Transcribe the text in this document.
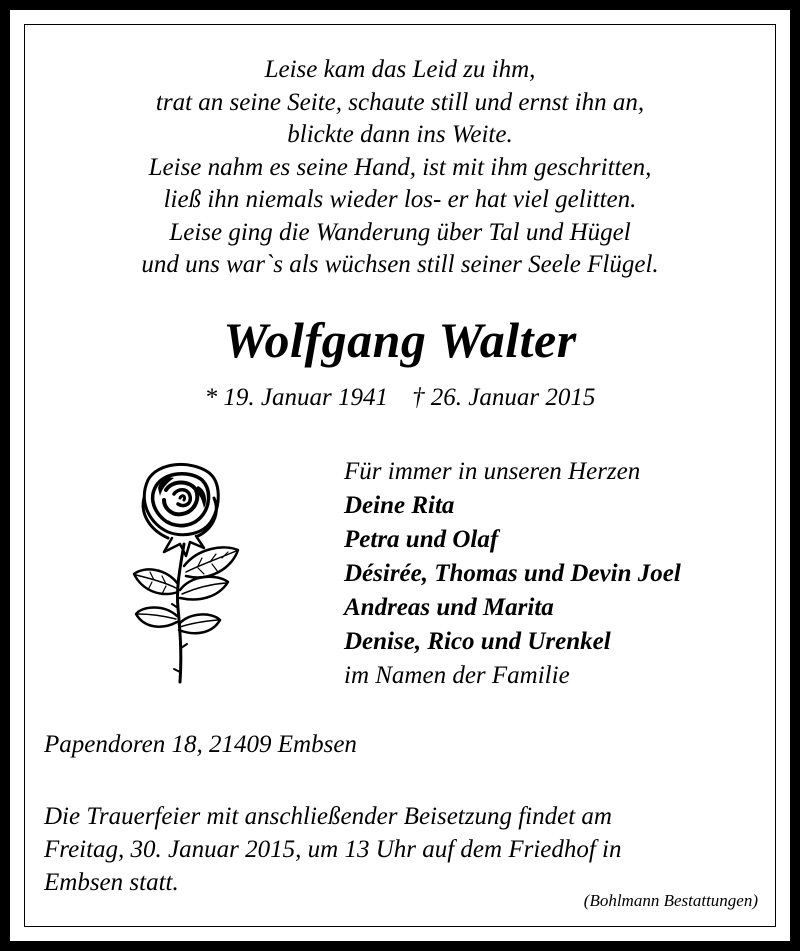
Leise kam das Leid zu ihm,
trat an seine Seite, schaute still und ernst ihn an,
blickte dann ins Weite.
Leise nahm es seine Hand, ist mit ihm geschritten,
ließ ihn niemals wieder los- er hat viel gelitten.
Leise ging die Wanderung über Tal und Hügel
und uns war`s als wüchsen still seiner Seele Flügel.
Wolfgang Walter
* 19. Januar 1941 † 26. Januar 2015
Für immer in unseren Herzen
Deine Rita
Petra und Olaf
Désirée, Thomas und Devin Joel
Andreas und Marita
Denise, Rico und Urenkel
im Namen der Familie
Papendoren 18, 21409 Embsen
Die Trauerfeier mit anschließender Beisetzung findet am
Freitag, 30. Januar 2015, um 13 Uhr auf dem Friedhof in
Embsen statt.
(Bohlmann Bestattungen)
